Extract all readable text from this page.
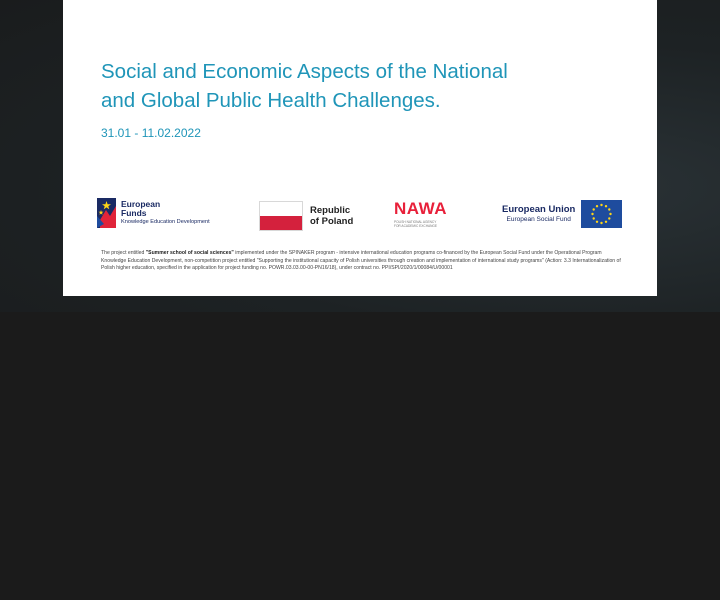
Social and Economic Aspects of the National
and Global Public Health Challenges.
31.01 - 11.02.2022
European
Funds
Knowledge Education Development
Republic
of Poland
NAWA
POLISH NATIONAL AGENCY
FOR ACADEMIC EXCHANGE
European Union
European Social Fund
The project entitled "Summer school of social sciences" implemented under the SPINAKER program - intensive international education programs co-financed by the European Social Fund under the Operational Program Knowledge Education Development, non-competition project entitled "Supporting the institutional capacity of Polish universities through creation and implementation of international study programs" (Action: 3.3 Internationalization of Polish higher education, specified in the application for project funding no. POWR.03.03.00-00-PN16/18), under contract no. PPI/SPI/2020/1/00084/U/00001
